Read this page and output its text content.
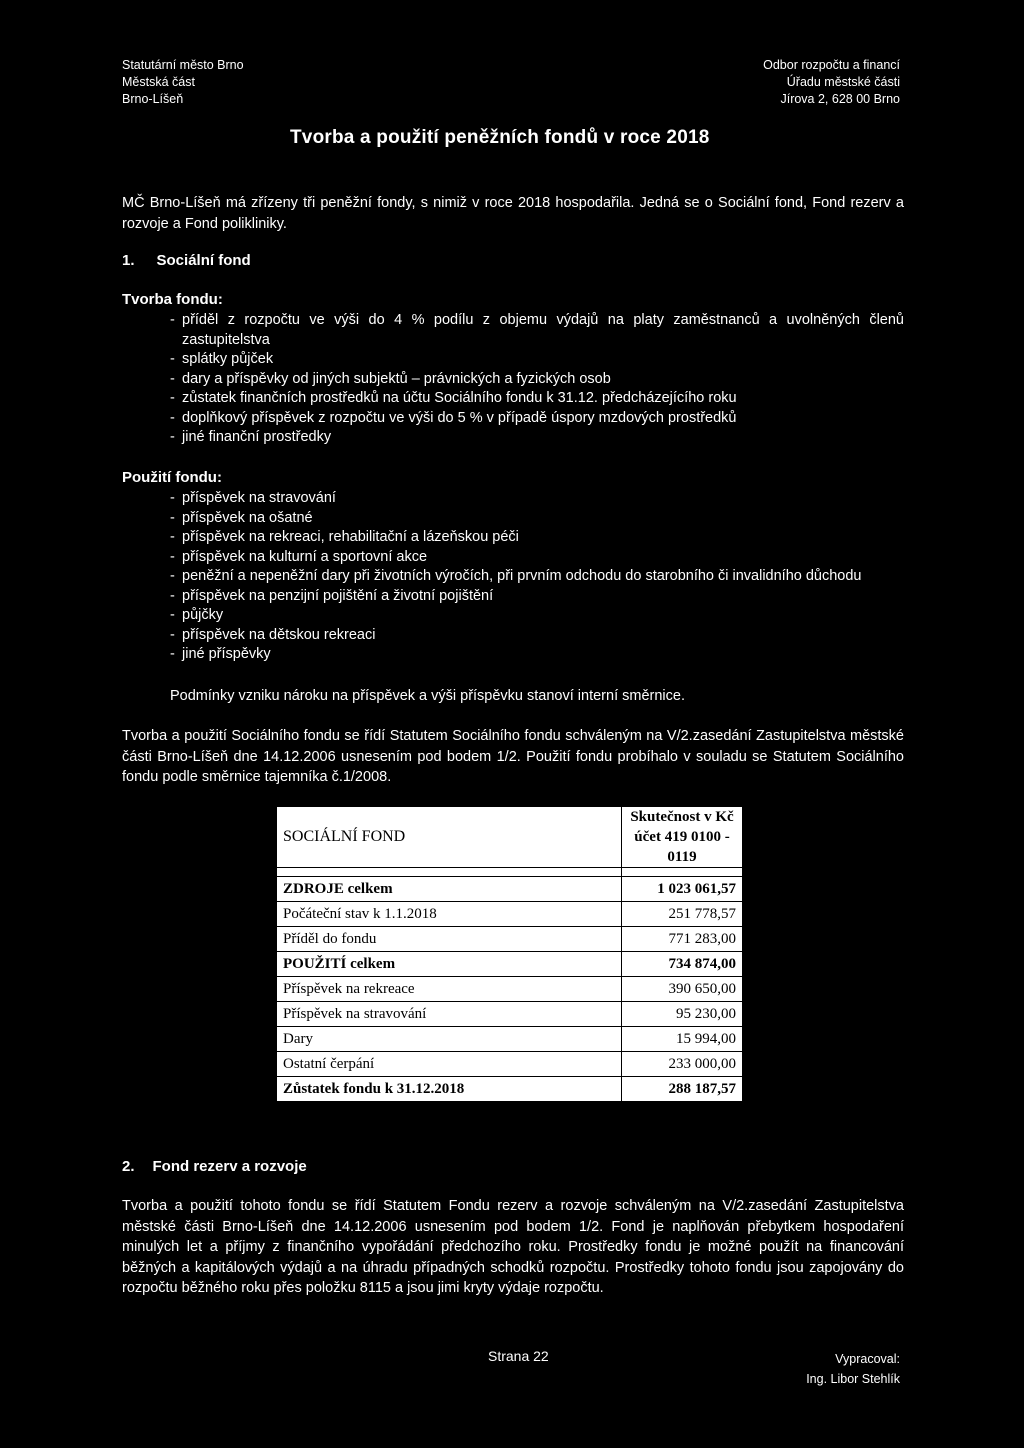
Statutární město Brno
Městská část
Brno-Líšeň
Odbor rozpočtu a financí
Úřadu městské části
Jírova 2, 628 00 Brno
Tvorba a použití peněžních fondů v roce 2018
MČ Brno-Líšeň má zřízeny tři peněžní fondy, s nimiž v roce 2018 hospodařila. Jedná se o Sociální fond, Fond rezerv a rozvoje a Fond polikliniky.
1. Sociální fond
Tvorba fondu:
- příděl z rozpočtu ve výši do 4 % podílu z objemu výdajů na platy zaměstnanců a uvolněných členů zastupitelstva
- splátky půjček
- dary a příspěvky od jiných subjektů – právnických a fyzických osob
- zůstatek finančních prostředků na účtu Sociálního fondu k 31.12. předcházejícího roku
- doplňkový příspěvek z rozpočtu ve výši do 5 % v případě úspory mzdových prostředků
- jiné finanční prostředky
Použití fondu:
- příspěvek na stravování
- příspěvek na ošatné
- příspěvek na rekreaci, rehabilitační a lázeňskou péči
- příspěvek na kulturní a sportovní akce
- peněžní a nepeněžní dary při životních výročích, při prvním odchodu do starobního či invalidního důchodu
- příspěvek na penzijní pojištění a životní pojištění
- půjčky
- příspěvek na dětskou rekreaci
- jiné příspěvky
Podmínky vzniku nároku na příspěvek a výši příspěvku stanoví interní směrnice.
Tvorba a použití Sociálního fondu se řídí Statutem Sociálního fondu schváleným na V/2.zasedání Zastupitelstva městské části Brno-Líšeň dne 14.12.2006 usnesením pod bodem 1/2. Použití fondu probíhalo v souladu se Statutem Sociálního fondu podle směrnice tajemníka č.1/2008.
SOCIÁLNÍ FOND	Skutečnost v Kč
účet 419 0100 - 0119

ZDROJE celkem	1 023 061,57
Počáteční stav k 1.1.2018	251 778,57
Příděl do fondu	771 283,00
POUŽITÍ celkem	734 874,00
Příspěvek na rekreace	390 650,00
Příspěvek na stravování	95 230,00
Dary	15 994,00
Ostatní čerpání	233 000,00
Zůstatek fondu k 31.12.2018	288 187,57
2. Fond rezerv a rozvoje
Tvorba a použití tohoto fondu se řídí Statutem Fondu rezerv a rozvoje schváleným na V/2.zasedání Zastupitelstva městské části Brno-Líšeň dne 14.12.2006 usnesením pod bodem 1/2. Fond je naplňován přebytkem hospodaření minulých let a příjmy z finančního vypořádání předchozího roku. Prostředky fondu je možné použít na financování běžných a kapitálových výdajů a na úhradu případných schodků rozpočtu. Prostředky tohoto fondu jsou zapojovány do rozpočtu běžného roku přes položku 8115 a jsou jimi kryty výdaje rozpočtu.
Strana 22	Vypracoval:
Ing. Libor Stehlík
